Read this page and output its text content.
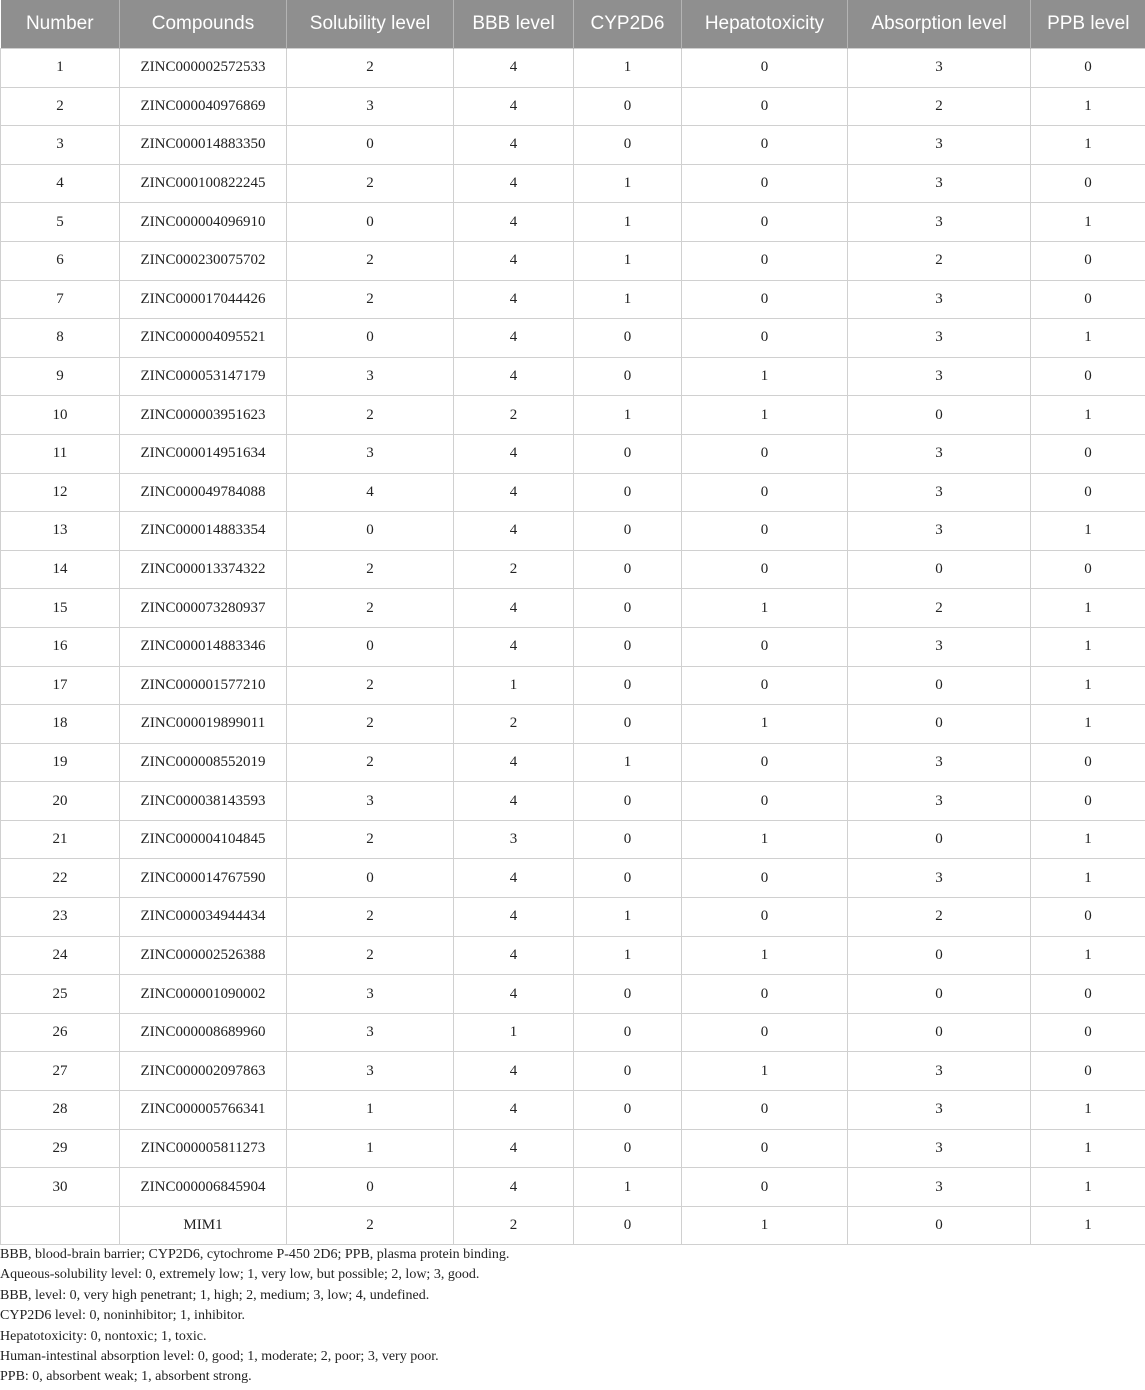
Number	Compounds	Solubility level	BBB level	CYP2D6	Hepatotoxicity	Absorption level	PPB level
1	ZINC000002572533	2	4	1	0	3	0
2	ZINC000040976869	3	4	0	0	2	1
3	ZINC000014883350	0	4	0	0	3	1
4	ZINC000100822245	2	4	1	0	3	0
5	ZINC000004096910	0	4	1	0	3	1
6	ZINC000230075702	2	4	1	0	2	0
7	ZINC000017044426	2	4	1	0	3	0
8	ZINC000004095521	0	4	0	0	3	1
9	ZINC000053147179	3	4	0	1	3	0
10	ZINC000003951623	2	2	1	1	0	1
11	ZINC000014951634	3	4	0	0	3	0
12	ZINC000049784088	4	4	0	0	3	0
13	ZINC000014883354	0	4	0	0	3	1
14	ZINC000013374322	2	2	0	0	0	0
15	ZINC000073280937	2	4	0	1	2	1
16	ZINC000014883346	0	4	0	0	3	1
17	ZINC000001577210	2	1	0	0	0	1
18	ZINC000019899011	2	2	0	1	0	1
19	ZINC000008552019	2	4	1	0	3	0
20	ZINC000038143593	3	4	0	0	3	0
21	ZINC000004104845	2	3	0	1	0	1
22	ZINC000014767590	0	4	0	0	3	1
23	ZINC000034944434	2	4	1	0	2	0
24	ZINC000002526388	2	4	1	1	0	1
25	ZINC000001090002	3	4	0	0	0	0
26	ZINC000008689960	3	1	0	0	0	0
27	ZINC000002097863	3	4	0	1	3	0
28	ZINC000005766341	1	4	0	0	3	1
29	ZINC000005811273	1	4	0	0	3	1
30	ZINC000006845904	0	4	1	0	3	1
	MIM1	2	2	0	1	0	1
BBB, blood-brain barrier; CYP2D6, cytochrome P-450 2D6; PPB, plasma protein binding.
Aqueous-solubility level: 0, extremely low; 1, very low, but possible; 2, low; 3, good.
BBB, level: 0, very high penetrant; 1, high; 2, medium; 3, low; 4, undefined.
CYP2D6 level: 0, noninhibitor; 1, inhibitor.
Hepatotoxicity: 0, nontoxic; 1, toxic.
Human-intestinal absorption level: 0, good; 1, moderate; 2, poor; 3, very poor.
PPB: 0, absorbent weak; 1, absorbent strong.
